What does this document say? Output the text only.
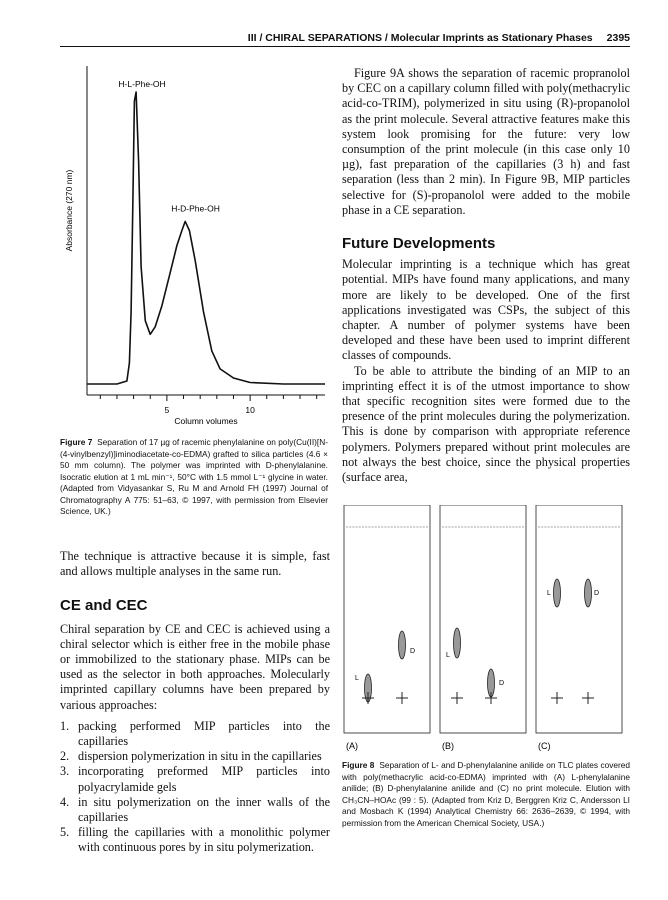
III / CHIRAL SEPARATIONS / Molecular Imprints as Stationary Phases 2395
5	10
Column volumes
Absorbance (270 nm)
H-L-Phe-OH
H-D-Phe-OH
Figure 7 Separation of 17 µg of racemic phenylalanine on poly(Cu(II)[N-(4-vinylbenzyl)]iminodiacetate-co-EDMA) grafted to silica particles (4.6 × 50 mm column). The polymer was imprinted with D-phenylalanine. Isocratic elution at 1 mL min⁻¹, 50°C with 1.5 mmol L⁻¹ glycine in water. (Adapted from Vidyasankar S, Ru M and Arnold FH (1997) Journal of Chromatography A 775: 51–63, © 1997, with permission from Elsevier Science, UK.)

The technique is attractive because it is simple, fast and allows multiple analyses in the same run.

CE and CEC

Chiral separation by CE and CEC is achieved using a chiral selector which is either free in the mobile phase or immobilized to the stationary phase. MIPs can be used as the selector in both approaches. Molecularly imprinted capillary columns have been prepared by various approaches:

1. packing performed MIP particles into the capillaries
2. dispersion polymerization in situ in the capillaries
3. incorporating preformed MIP particles into polyacrylamide gels
4. in situ polymerization on the inner walls of the capillaries
5. filling the capillaries with a monolithic polymer with continuous pores by in situ polymerization.

Figure 9A shows the separation of racemic propranolol by CEC on a capillary column filled with poly(methacrylic acid-co-TRIM), polymerized in situ using (R)-propanolol as the print molecule. Several attractive features make this system look promising for the future: very low consumption of the print molecule (in this case only 10 µg), fast preparation of the capillaries (3 h) and fast separation (less than 2 min). In Figure 9B, MIP particles selective for (S)-propanolol were added to the mobile phase in a CE separation.

Future Developments

Molecular imprinting is a technique which has great potential. MIPs have found many applications, and many more are likely to be developed. One of the first applications investigated was CSPs, the subject of this chapter. A number of polymer systems have been developed and these have been used to imprint different classes of compounds.

To be able to attribute the binding of an MIP to an imprinting effect it is of the utmost importance to show that specific recognition sites were formed due to the presence of the print molecules during the polymerization. This is done by comparison with appropriate reference polymers. Polymers prepared without print molecules are not always the best choice, since the physical properties (surface area,

L
D
(A)
L
D
(B)
L	D
(C)
Figure 8 Separation of L- and D-phenylalanine anilide on TLC plates covered with poly(methacrylic acid-co-EDMA) imprinted with (A) L-phenylalanine anilide; (B) D-phenylalanine anilide and (C) no print molecule. Elution with CH₃CN–HOAc (99 : 5). (Adapted from Kriz D, Berggren Kriz C, Andersson LI and Mosbach K (1994) Analytical Chemistry 66: 2636–2639, © 1994, with permission from the American Chemical Society, USA.)
